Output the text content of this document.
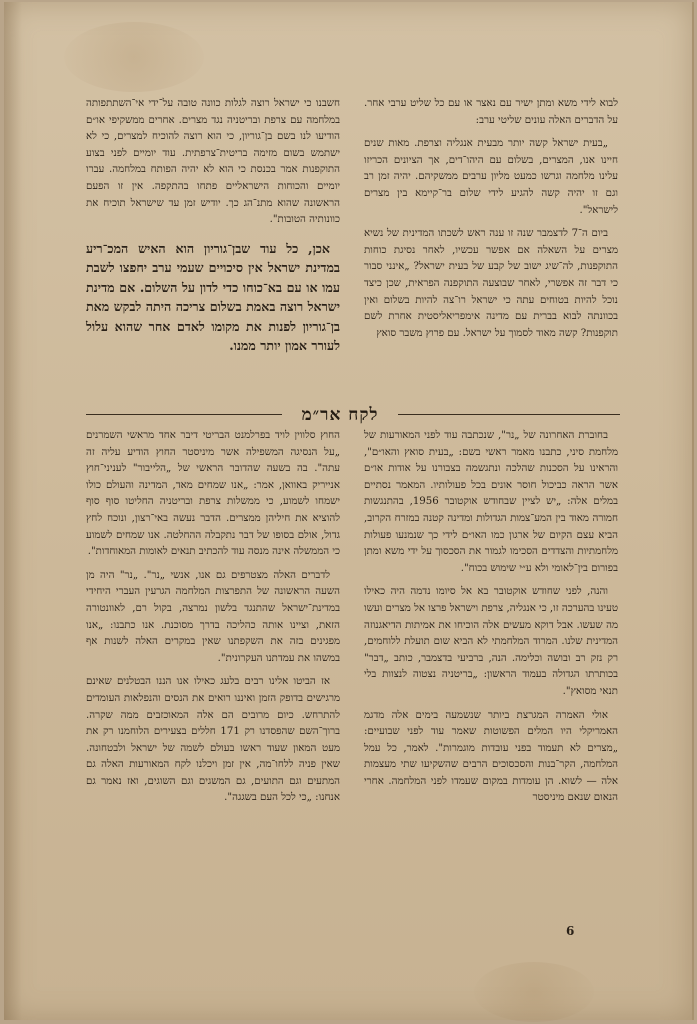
לבוא לידי משא ומתן ישיר עם נאצר או עם כל שליט ערבי אחר. על הדברים האלה עונים שליטי ערב:

„בעית ישראל קשה יותר מבעית אנגליה וצרפת. מאות שנים חיינו אנו, המצרים, בשלום עם היהו־דים, אך הציונים הכריזו עלינו מלחמה וגרשו כמעט מליון ערבים ממשקיהם. יהיה זמן רב וגם זו יהיה קשה להגיע לידי שלום בר־קיימא בין מצרים לישראל".

ביום ה־7 לדצמבר שנה זו ענה ראש לשכתו המדינית של נשיא מצרים על השאלה אם אפשר עכשיו, לאחר נסיגת כוחות התוקפנות, לה־שיג ישוב של קבע של בעית ישראל? „אינני סבור כי דבר זה אפשרי, לאחר שבוצעה התוקפנה הפראית, שכן כיצד נוכל להיות בטוחים עתה כי ישראל רו־צה להיות בשלום ואין בכוונתה לבוא בברית עם מדינה אימפריאליסטית אחרת לשם תוקפנות? קשה מאוד לסמוך על ישראל. עם פרוץ משבר סואץ

חשבנו כי ישראל רוצה לגלות כוונה טובה על־ידי אי־השתתפותה במלחמה עם צרפת ובריטניה נגד מצרים. אחרים ממשקיפי או״ם הודיעו לנו בשם בן־גוריון, כי הוא רוצה להוכיח למצרים, כי לא ישתמש בשום מזימה בריטית־צרפתית. עוד יומיים לפני בצוע התוקפנות אמר בכנסת כי הוא לא יהיה הפותח במלחמה. עברו יומיים והכוחות הישראליים פתחו בהתקפה. אין זו הפעם הראשונה שהוא מתנ־הג כך. יודיש זמן עד שישראל תוכיח את כוונותיה הטובות".

אכן, כל עוד שבן־גוריון הוא האיש המכ־ריע במדינת ישראל אין סיכויים שעמי ערב יחפצו לשבת עמו או עם בא־כוחו כדי לדון על השלום. אם מדינת ישראל רוצה באמת בשלום צריכה היתה לבקש מאת בן־גוריון לפנות את מקומו לאדם אחר שהוא עלול לעורר אמון יותר ממנו.

לקח אר״מ

בחוברת האחרונה של „נר", שנכתבה עוד לפני המאורעות של מלחמת סיני, כתבנו מאמר ראשי בשם: „בעית סואץ והאו״ם", והראינו על הסכנות שהלכה ונתגשמה בצבורנו על אודות או״ם אשר הראה כביכול חוסר אונים בכל פעולותיו. המאמר נסתיים במלים אלה: „יש לציין שבחודש אוקטובר 1956, בהתנגשות חמורה מאוד בין המע־צמות הגדולות ומדינה קטנה במזרח הקרוב, הביא עצם הקיום של ארגון כמו האו״ם לידי כך שנמנעו פעולות מלחמתיות והצדדים הסכימו לגמור את הסכסוך על ידי משא ומתן בפורום בין־לאומי ולא ע״י שימוש בכוח".

והנה, לפני שחודש אוקטובר בא אל סיומו נדמה היה כאילו טעינו בהערכה זו, כי אנגליה, צרפת וישראל פרצו אל מצרים ועשו מה שעשו. אבל דוקא מעשים אלה הוכיחו את אמיתות הדיאגנוזה המדינית שלנו. המרוד המלחמתי לא הביא שום תועלת ללוחמים, רק נזק רב ובושה וכלימה. הנה, ברביעי בדצמבר, כותב „דבר" בכותרתו הגדולה בעמוד הראשון: „בריטניה נצטוה לנצוות בלי תנאי מסואץ".

אולי האמרה המגרצת ביותר שנשמעה בימים אלה מדגמ האמריקלי היו המלים הפשוטות שאמר עוד לפני שבועיים: „מצרים לא תעמוד בפני עובדות מוגמרות". לאמר, כל עמל המלחמה, הקר־בנות והסכסוכים הרבים שהשקיעו שתי מעצמות אלה — לשוא. הן עומדות במקום שעמדו לפני המלחמה. אחרי הנאום שנאם מיניסטר

החוץ סלווין לויד בפרלמנט הבריטי דיבר אחד מראשי השמרנים „על הנסיגה המשפילה אשר מיניסטר החוץ הודיע עליה זה עתה". בה בשעה שהדובר הראשי של „הלייבור" לעניני־חוץ אנייריק באוואן, אמר: „אנו שמחים מאד, המדינה והעולם כולו ישמחו לשמוע, כי ממשלות צרפת ובריטניה החליטו סוף סוף להוציא את חיליהן ממצרים. הדבר נעשה באי־רצון, ונוכח לחץ גדול, אולם בסופו של דבר נתקבלה ההחלטה. אנו שמחים לשמוע כי הממשלה אינה מנסה עוד להכתיב תנאים לאומות המאוחדות".

לדברים האלה מצטרפים גם אנו, אנשי „נר". „נר" היה מן השעה הראשונה של התפרצות המלחמה הגרעין העברי היחידי במדינת־ישראל שהתנגד בלשון נמרצה, בקול רם, לאוונטורה הזאת, וציינו אותה כהליכה בדרך מסוכנת. אנו כתבנו: „אנו מפגינים בזה את השקפתנו שאין במקרים האלה לשנות אף במשהו את עמדתנו העקרונית".

אז הביטו אלינו רבים בלעג כאילו אנו הננו הבטלנים שאינם מרגישים בדופק הזמן ואיננו רואים את הנסים והנפלאות העומדים להתרחש. כיום מרובים הם אלה המאוכזבים ממה שקרה. ברוך־השם שהפסדנו רק 171 חללים בצעירים הלוחמנו רק את מעט המאון שעוד ראשו בעולם לשמה של ישראל ולבטחונה. שאין פניה ללחו־מה, אין זמן ויכלנו לקח המאורעות האלה גם המתעים וגם התועים, גם המשגים וגם השוגים, ואז נאמר גם אנחנו: „כי לכל העם בשגגה".

6
